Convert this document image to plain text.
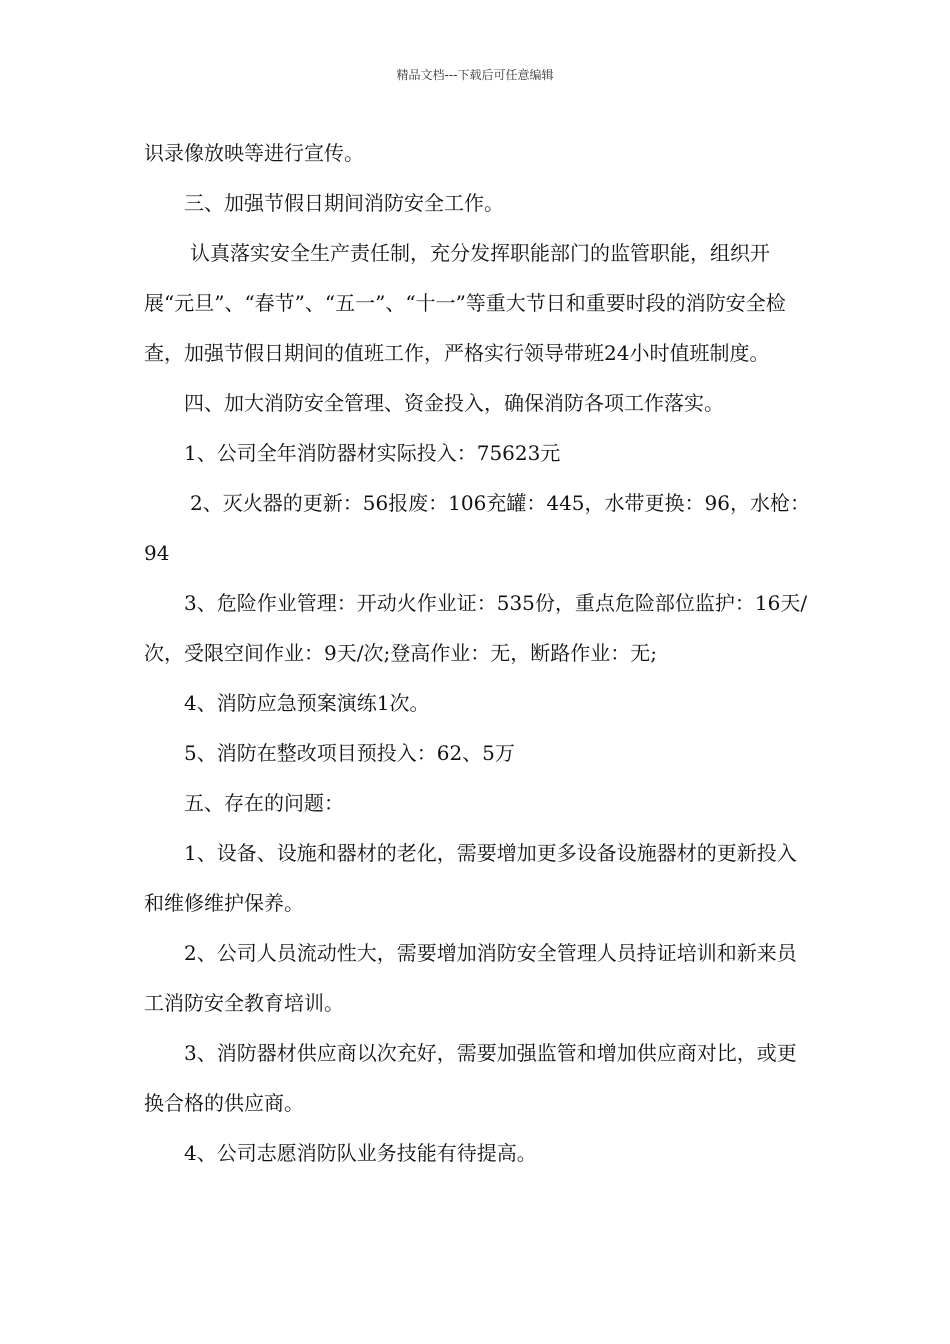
精品文档---下载后可任意编辑

识录像放映等进行宣传。

三、加强节假日期间消防安全工作。

认真落实安全生产责任制，充分发挥职能部门的监管职能，组织开展“元旦”、“春节”、“五一”、“十一”等重大节日和重要时段的消防安全检查，加强节假日期间的值班工作，严格实行领导带班24小时值班制度。

四、加大消防安全管理、资金投入，确保消防各项工作落实。

1、公司全年消防器材实际投入：75623元

2、灭火器的更新：56报废：106充罐：445，水带更换：96，水枪：94

3、危险作业管理：开动火作业证：535份，重点危险部位监护：16天/次，受限空间作业：9天/次;登高作业：无，断路作业：无;

4、消防应急预案演练1次。

5、消防在整改项目预投入：62、5万

五、存在的问题：

1、设备、设施和器材的老化，需要增加更多设备设施器材的更新投入和维修维护保养。

2、公司人员流动性大，需要增加消防安全管理人员持证培训和新来员工消防安全教育培训。

3、消防器材供应商以次充好，需要加强监管和增加供应商对比，或更换合格的供应商。

4、公司志愿消防队业务技能有待提高。
